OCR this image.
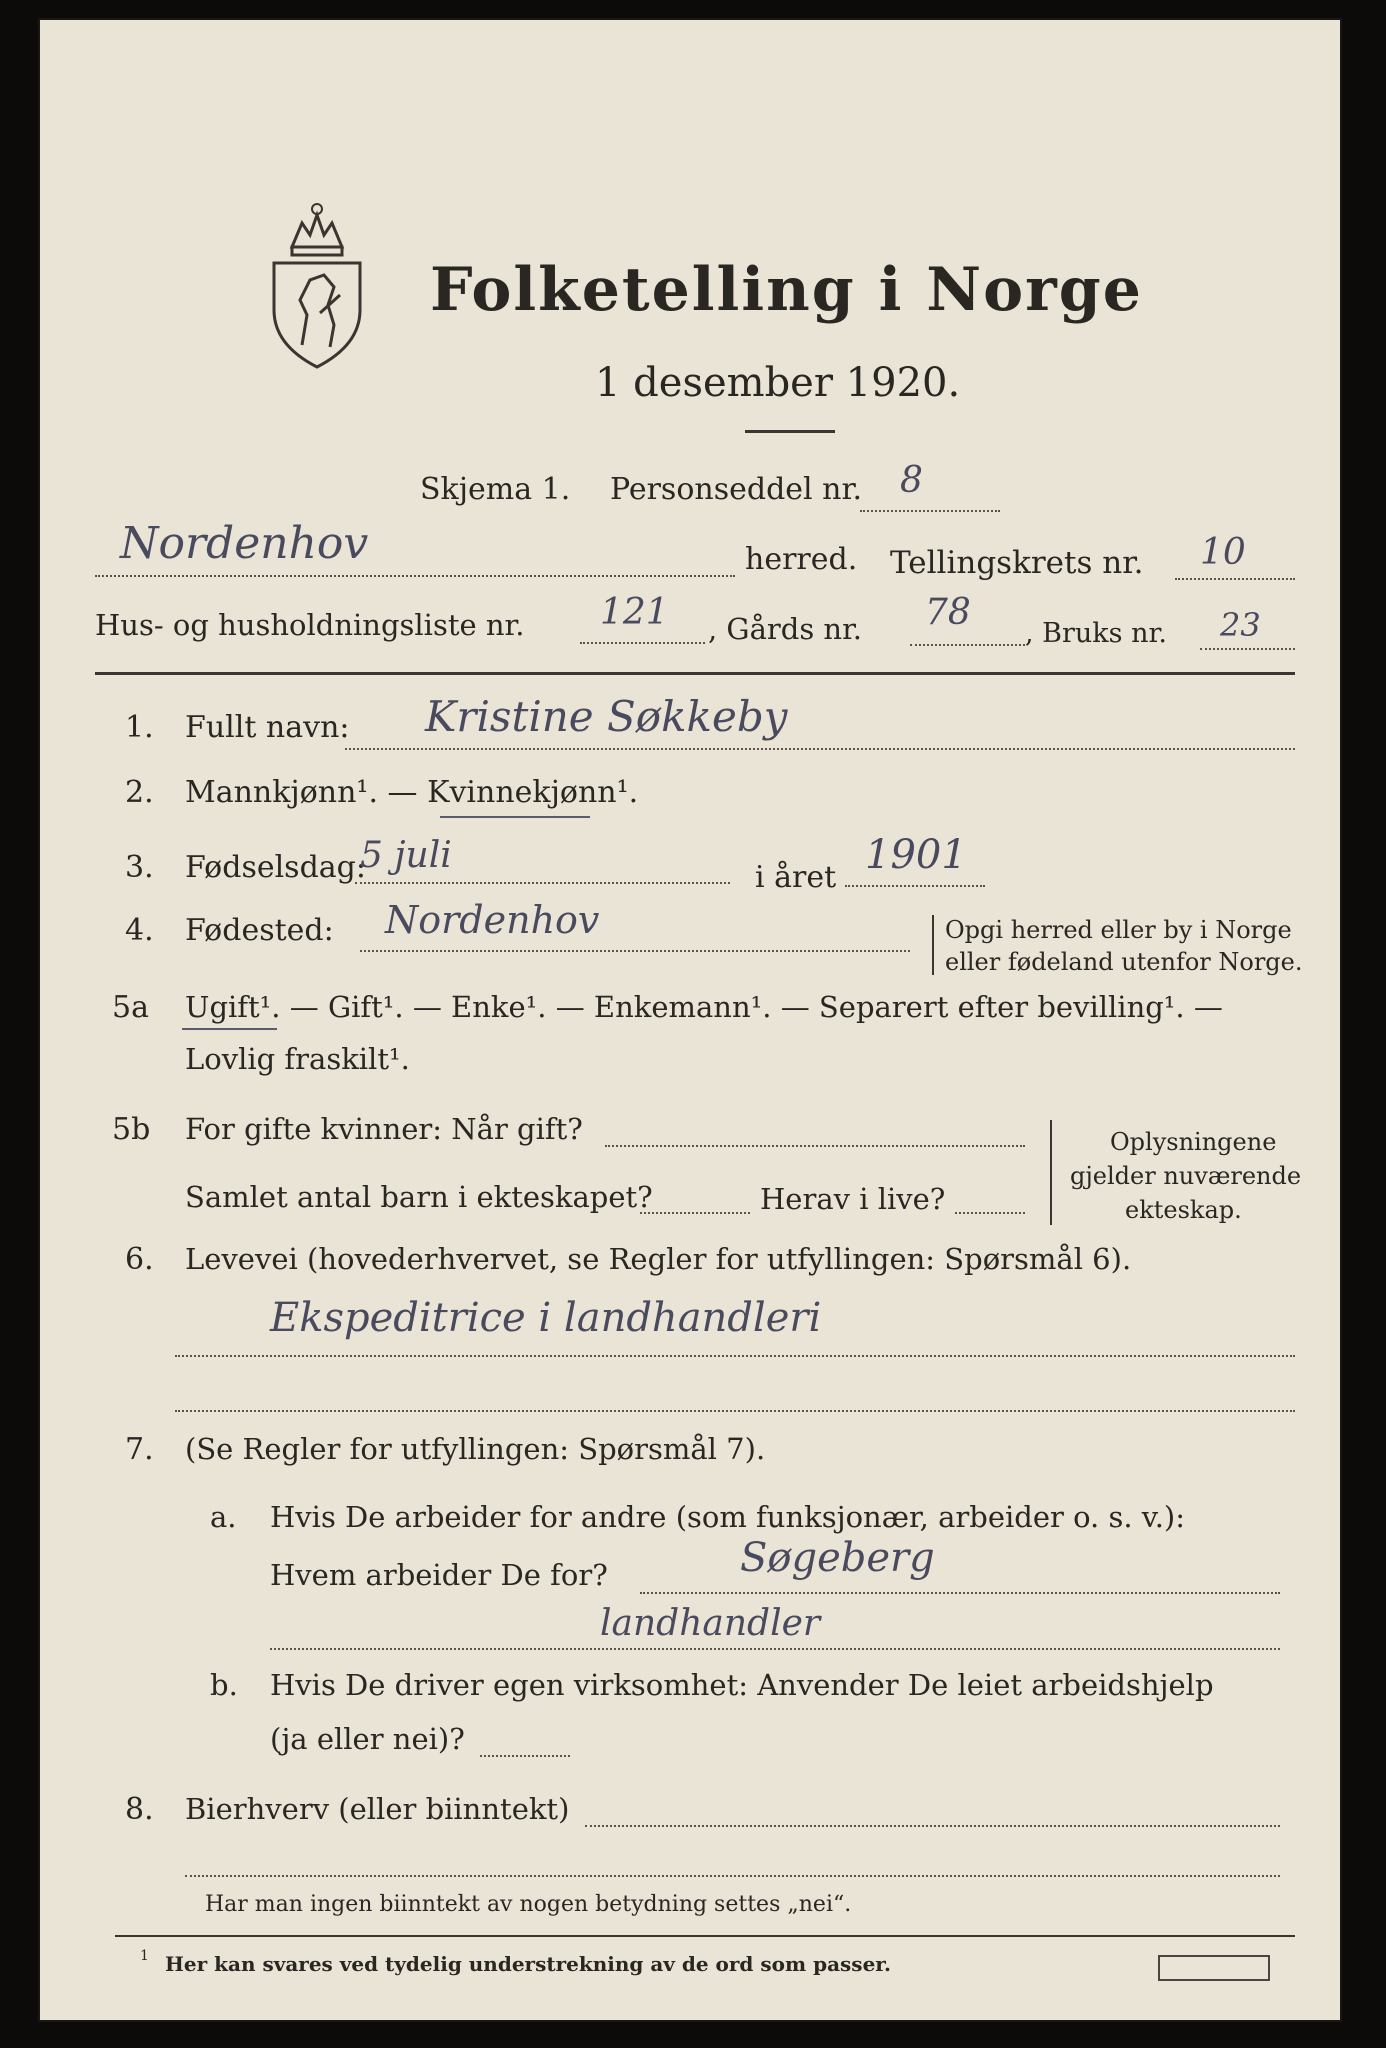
Folketelling i Norge
1 desember 1920.
Skjema 1. Personseddel nr. 8
Nordenhov	herred. Tellingskrets nr. 10
Hus- og husholdningsliste nr. 121 , Gårds nr. 78
, Bruks nr. 23
1. Fullt navn: Kristine Søkkeby
2. Mannkjønn¹. — Kvinnekjønn¹.
3. Fødselsdag:
5 juli
i året 1901
4. Fødested: Nordenhov	Opgi herred eller by i Norge
eller fødeland utenfor Norge.
5a Ugift¹. — Gift¹. — Enke¹. — Enkemann¹. — Separert efter bevilling¹. —
Lovlig fraskilt¹.
5b For gifte kvinner: Når gift?
Samlet antal barn i ekteskapet?	Herav i live?
Oplysningene
gjelder nuværende
ekteskap.
6. Levevei (hovederhvervet, se Regler for utfyllingen: Spørsmål 6).
Ekspeditrice i landhandleri
7. (Se Regler for utfyllingen: Spørsmål 7).
a. Hvis De arbeider for andre (som funksjonær, arbeider o. s. v.):
Hvem arbeider De for?	Søgeberg
landhandler
b. Hvis De driver egen virksomhet: Anvender De leiet arbeidshjelp
(ja eller nei)?
8. Bierhverv (eller biinntekt)
Har man ingen biinntekt av nogen betydning settes „nei“.
1 Her kan svares ved tydelig understrekning av de ord som passer.
